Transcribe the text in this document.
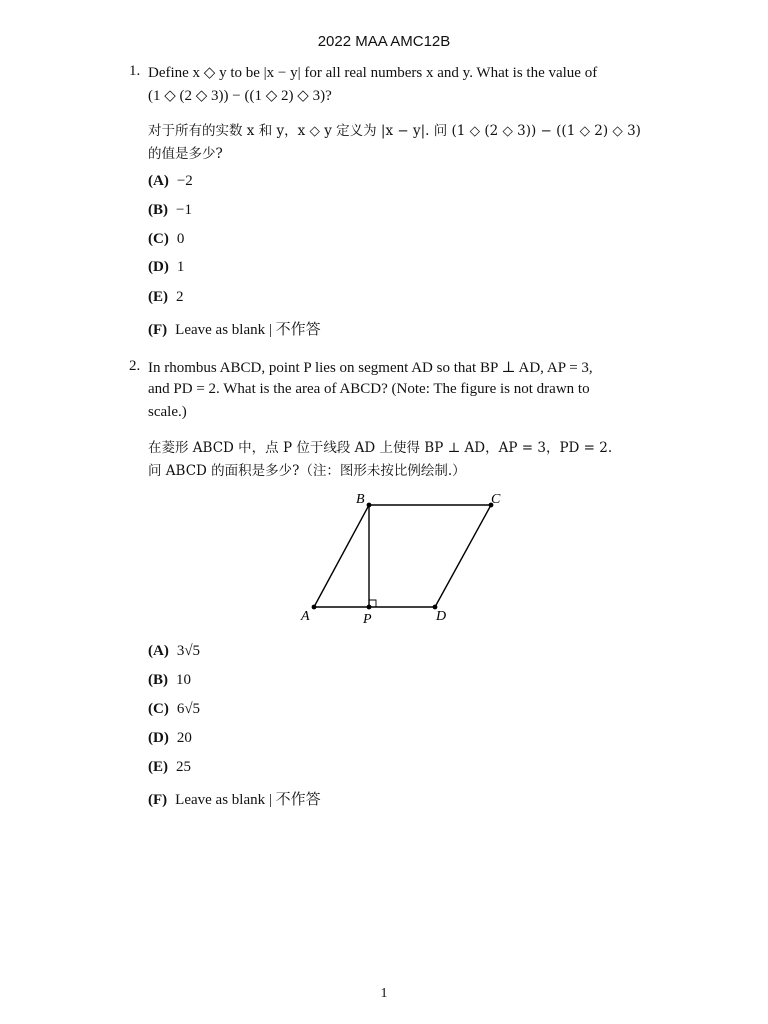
2022 MAA AMC12B
1. Define x ◇ y to be |x − y| for all real numbers x and y. What is the value of
(1 ◇ (2 ◇ 3)) − ((1 ◇ 2) ◇ 3)?
对于所有的实数 x 和 y，x ◇ y 定义为 |x − y|. 问 (1 ◇ (2 ◇ 3)) − ((1 ◇ 2) ◇ 3)
的值是多少?
(A) −2
(B) −1
(C) 0
(D) 1
(E) 2
(F) Leave as blank | 不作答
2. In rhombus ABCD, point P lies on segment AD so that BP ⊥ AD, AP = 3,
and PD = 2. What is the area of ABCD? (Note: The figure is not drawn to
scale.)
在菱形 ABCD 中，点 P 位于线段 AD 上使得 BP ⊥ AD，AP = 3，PD = 2.
问 ABCD 的面积是多少?（注：图形未按比例绘制.）
A
B	C
D
P
(A) 3√5
(B) 10
(C) 6√5
(D) 20
(E) 25
(F) Leave as blank | 不作答
1
